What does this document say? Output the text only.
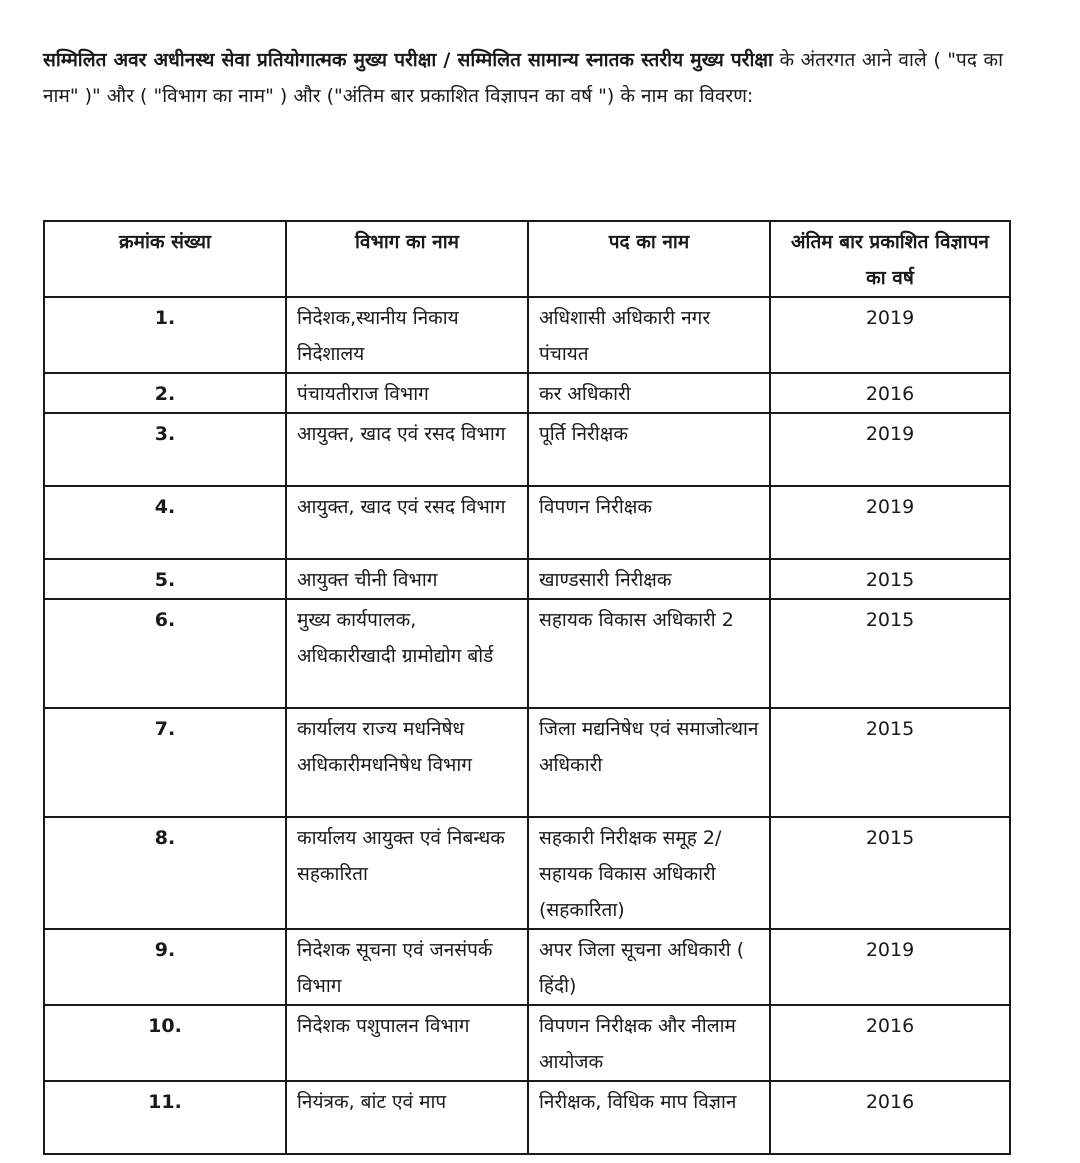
सम्मिलित अवर अधीनस्थ सेवा प्रतियोगात्मक मुख्य परीक्षा / सम्मिलित सामान्य स्नातक स्तरीय मुख्य परीक्षा के अंतरगत आने वाले ( "पद का नाम" )" और ( "विभाग का नाम" ) और ("अंतिम बार प्रकाशित विज्ञापन का वर्ष ") के नाम का विवरण:
क्रमांक संख्या	विभाग का नाम	पद का नाम	अंतिम बार प्रकाशित विज्ञापन का वर्ष
1.	निदेशक,स्थानीय निकाय निदेशालय	अधिशासी अधिकारी नगर पंचायत	2019
2.	पंचायतीराज विभाग	कर अधिकारी	2016
3.	आयुक्त, खाद एवं रसद विभाग	पूर्ति निरीक्षक	2019
4.	आयुक्त, खाद एवं रसद विभाग	विपणन निरीक्षक	2019
5.	आयुक्त चीनी विभाग	खाण्डसारी निरीक्षक	2015
6.	मुख्य कार्यपालक, अधिकारीखादी ग्रामोद्योग बोर्ड	सहायक विकास अधिकारी 2	2015
7.	कार्यालय राज्य मधनिषेध अधिकारीमधनिषेध विभाग	जिला मद्यनिषेध एवं समाजोत्थान अधिकारी	2015
8.	कार्यालय आयुक्त एवं निबन्धक सहकारिता	सहकारी निरीक्षक समूह 2/सहायक विकास अधिकारी (सहकारिता)	2015
9.	निदेशक सूचना एवं जनसंपर्क विभाग	अपर जिला सूचना अधिकारी ( हिंदी)	2019
10.	निदेशक पशुपालन विभाग	विपणन निरीक्षक और नीलाम आयोजक	2016
11.	नियंत्रक, बांट एवं माप	निरीक्षक, विधिक माप विज्ञान	2016
